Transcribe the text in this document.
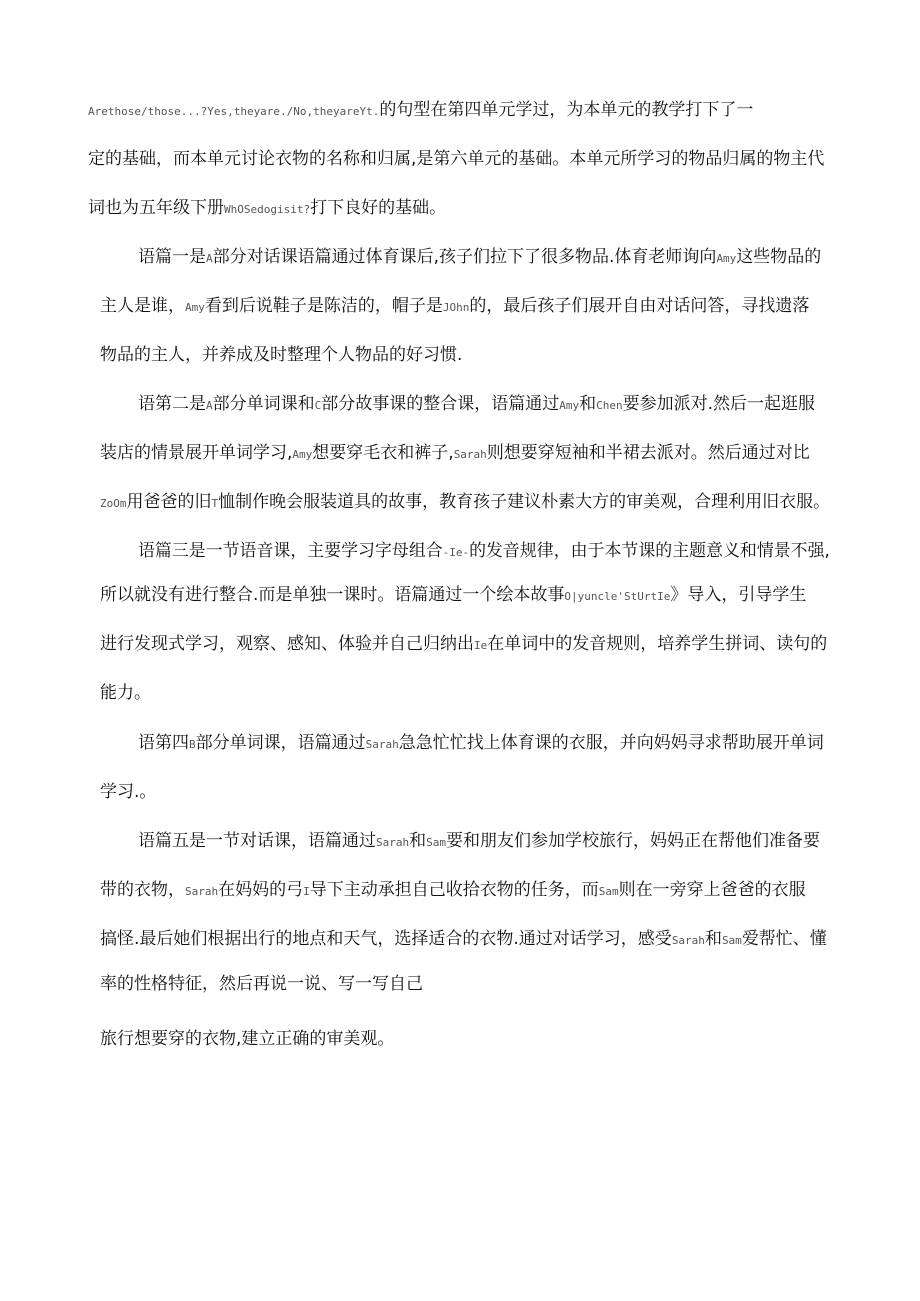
Arethose/those...?Yes,theyare./No,theyareYt.的句型在第四单元学过，为本单元的教学打下了一
定的基础，而本单元讨论衣物的名称和归属,是第六单元的基础。本单元所学习的物品归属的物主代
词也为五年级下册WhOSedogisit?打下良好的基础。
语篇一是A部分对话课语篇通过体育课后,孩子们拉下了很多物品.体育老师询向Amy这些物品的
主人是谁，Amy看到后说鞋子是陈洁的，帽子是JOhn的，最后孩子们展开自由对话问答，寻找遗落
物品的主人，并养成及时整理个人物品的好习惯.
语第二是A部分单词课和C部分故事课的整合课，语篇通过Amy和Chen要参加派对.然后一起逛服
装店的情景展开单词学习,Amy想要穿毛衣和裤子,Sarah则想要穿短袖和半裙去派对。然后通过对比
ZoOm用爸爸的旧T恤制作晚会服装道具的故事，教育孩子建议朴素大方的审美观，合理利用旧衣服。
语篇三是一节语音课，主要学习字母组合-Ie-的发音规律，由于本节课的主题意义和情景不强,
所以就没有进行整合.而是单独一课时。语篇通过一个绘本故事O|yuncle'StUrtIe》导入，引导学生
进行发现式学习，观察、感知、体验并自己归纳出Ie在单词中的发音规则，培养学生拼词、读句的
能力。
语第四B部分单词课，语篇通过Sarah急急忙忙找上体育课的衣服，并向妈妈寻求帮助展开单词
学习.。
语篇五是一节对话课，语篇通过Sarah和Sam要和朋友们参加学校旅行，妈妈正在帮他们准备要
带的衣物，Sarah在妈妈的弓I导下主动承担自己收拾衣物的任务，而Sam则在一旁穿上爸爸的衣服
搞怪.最后她们根据出行的地点和天气，选择适合的衣物.通过对话学习，感受Sarah和Sam爱帮忙、懂
率的性格特征，然后再说一说、写一写自己
旅行想要穿的衣物,建立正确的审美观。
